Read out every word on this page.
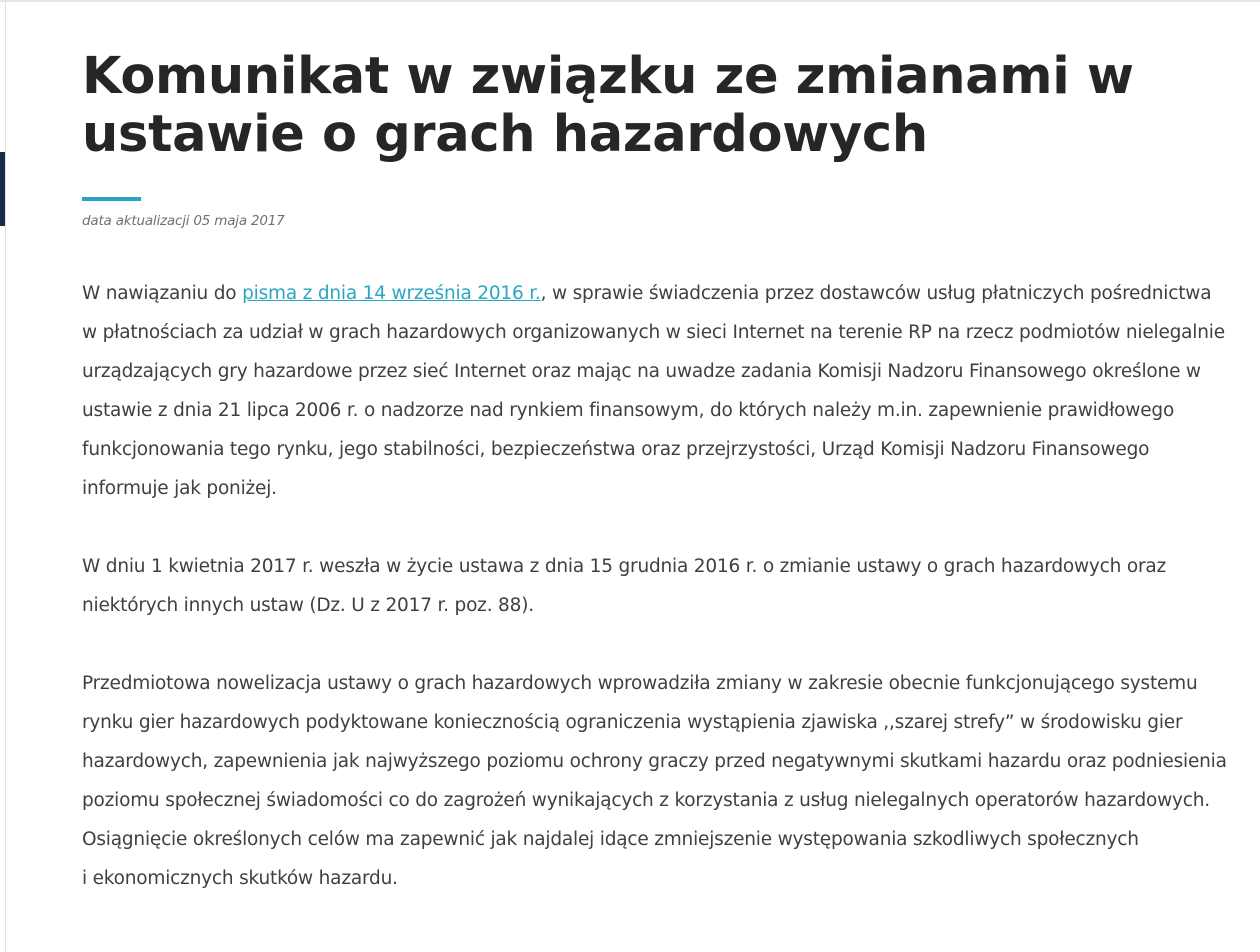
Komunikat w związku ze zmianami w
ustawie o grach hazardowych
data aktualizacji 05 maja 2017

W nawiązaniu do pisma z dnia 14 września 2016 r., w sprawie świadczenia przez dostawców usług płatniczych pośrednictwa
w płatnościach za udział w grach hazardowych organizowanych w sieci Internet na terenie RP na rzecz podmiotów nielegalnie
urządzających gry hazardowe przez sieć Internet oraz mając na uwadze zadania Komisji Nadzoru Finansowego określone w
ustawie z dnia 21 lipca 2006 r. o nadzorze nad rynkiem finansowym, do których należy m.in. zapewnienie prawidłowego
funkcjonowania tego rynku, jego stabilności, bezpieczeństwa oraz przejrzystości, Urząd Komisji Nadzoru Finansowego
informuje jak poniżej.

W dniu 1 kwietnia 2017 r. weszła w życie ustawa z dnia 15 grudnia 2016 r. o zmianie ustawy o grach hazardowych oraz
niektórych innych ustaw (Dz. U z 2017 r. poz. 88).

Przedmiotowa nowelizacja ustawy o grach hazardowych wprowadziła zmiany w zakresie obecnie funkcjonującego systemu
rynku gier hazardowych podyktowane koniecznością ograniczenia wystąpienia zjawiska ,,szarej strefy” w środowisku gier
hazardowych, zapewnienia jak najwyższego poziomu ochrony graczy przed negatywnymi skutkami hazardu oraz podniesienia
poziomu społecznej świadomości co do zagrożeń wynikających z korzystania z usług nielegalnych operatorów hazardowych.
Osiągnięcie określonych celów ma zapewnić jak najdalej idące zmniejszenie występowania szkodliwych społecznych
i ekonomicznych skutków hazardu.
